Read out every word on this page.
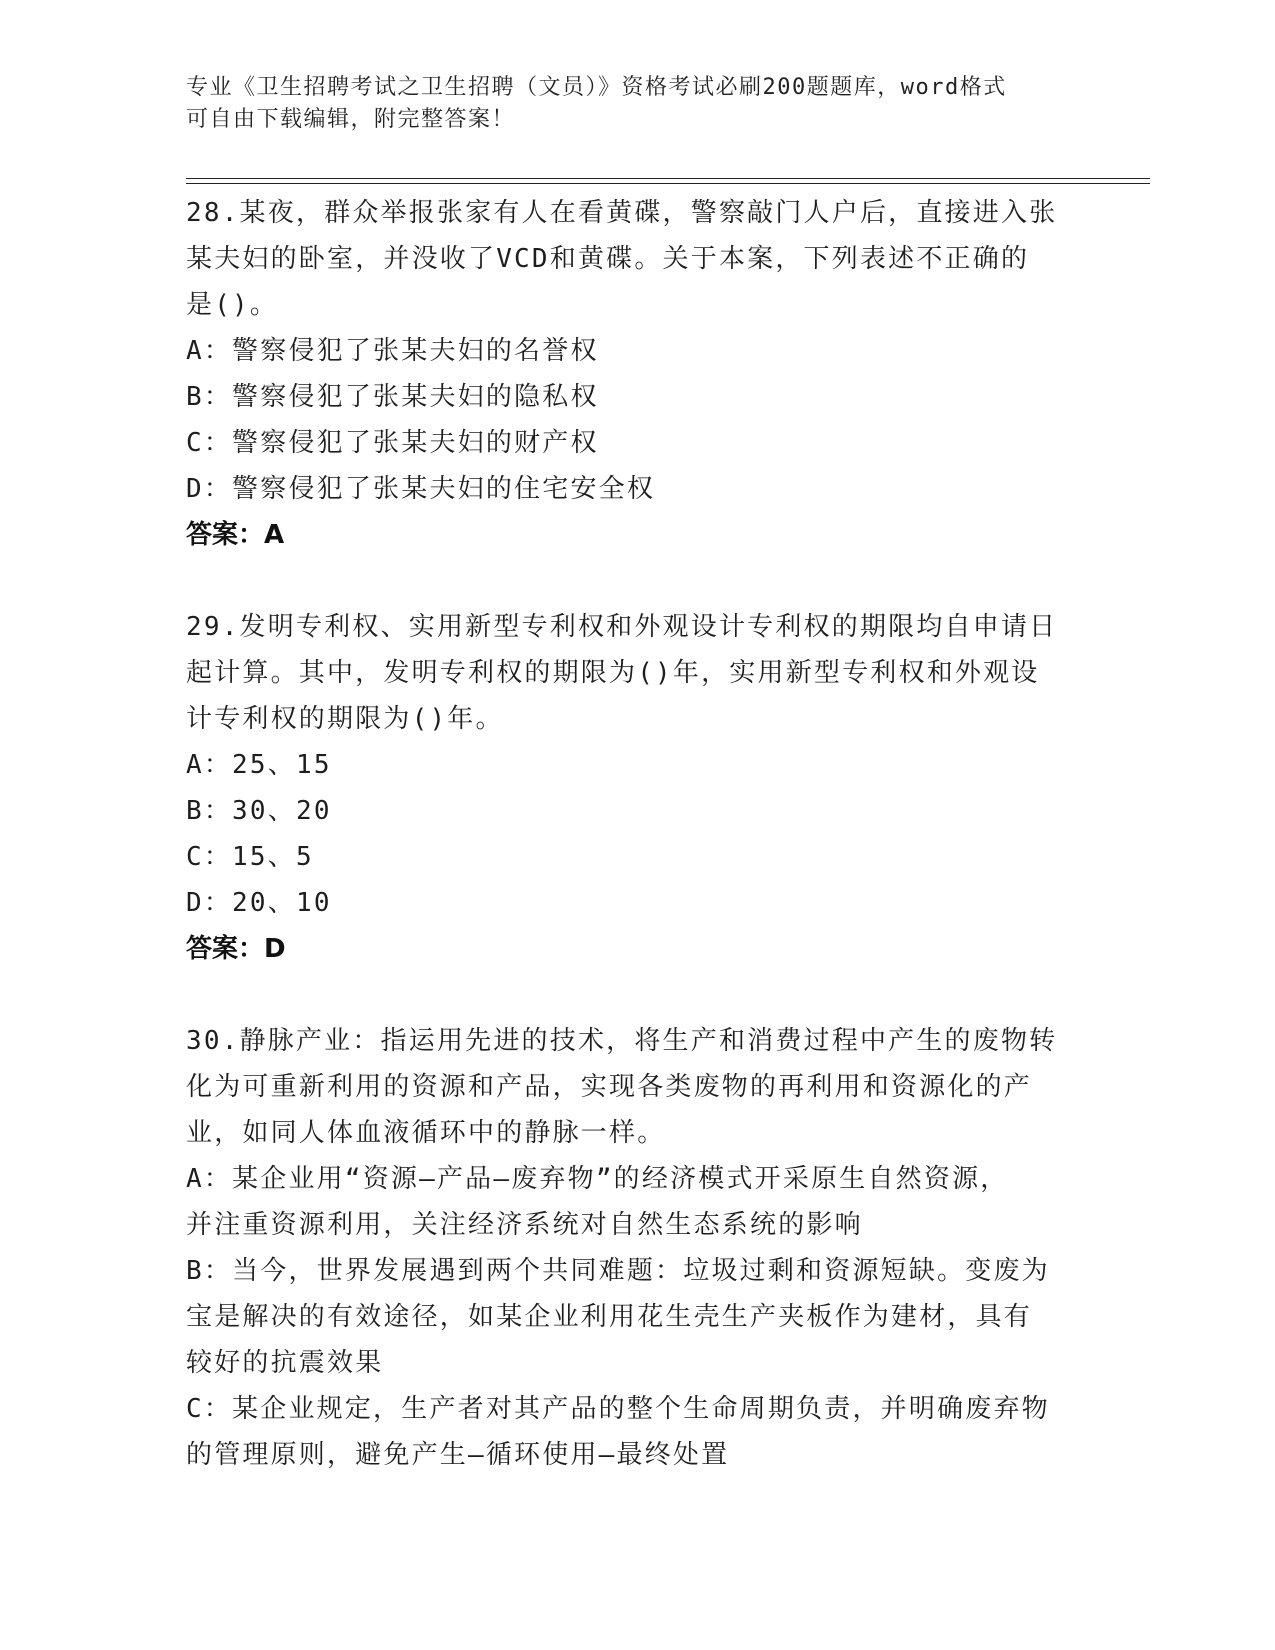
专业《卫生招聘考试之卫生招聘（文员）》资格考试必刷200题题库，word格式
可自由下载编辑，附完整答案！

28.某夜，群众举报张家有人在看黄碟，警察敲门人户后，直接进入张

某夫妇的卧室，并没收了VCD和黄碟。关于本案，下列表述不正确的

是()。

A：警察侵犯了张某夫妇的名誉权

B：警察侵犯了张某夫妇的隐私权

C：警察侵犯了张某夫妇的财产权

D：警察侵犯了张某夫妇的住宅安全权

答案：A

29.发明专利权、实用新型专利权和外观设计专利权的期限均自申请日

起计算。其中，发明专利权的期限为()年，实用新型专利权和外观设

计专利权的期限为()年。

A：25、15

B：30、20

C：15、5

D：20、10

答案：D

30.静脉产业：指运用先进的技术，将生产和消费过程中产生的废物转

化为可重新利用的资源和产品，实现各类废物的再利用和资源化的产

业，如同人体血液循环中的静脉一样。

A：某企业用“资源—产品—废弃物”的经济模式开采原生自然资源，

并注重资源利用，关注经济系统对自然生态系统的影响

B：当今，世界发展遇到两个共同难题：垃圾过剩和资源短缺。变废为

宝是解决的有效途径，如某企业利用花生壳生产夹板作为建材，具有

较好的抗震效果

C：某企业规定，生产者对其产品的整个生命周期负责，并明确废弃物

的管理原则，避免产生—循环使用—最终处置
